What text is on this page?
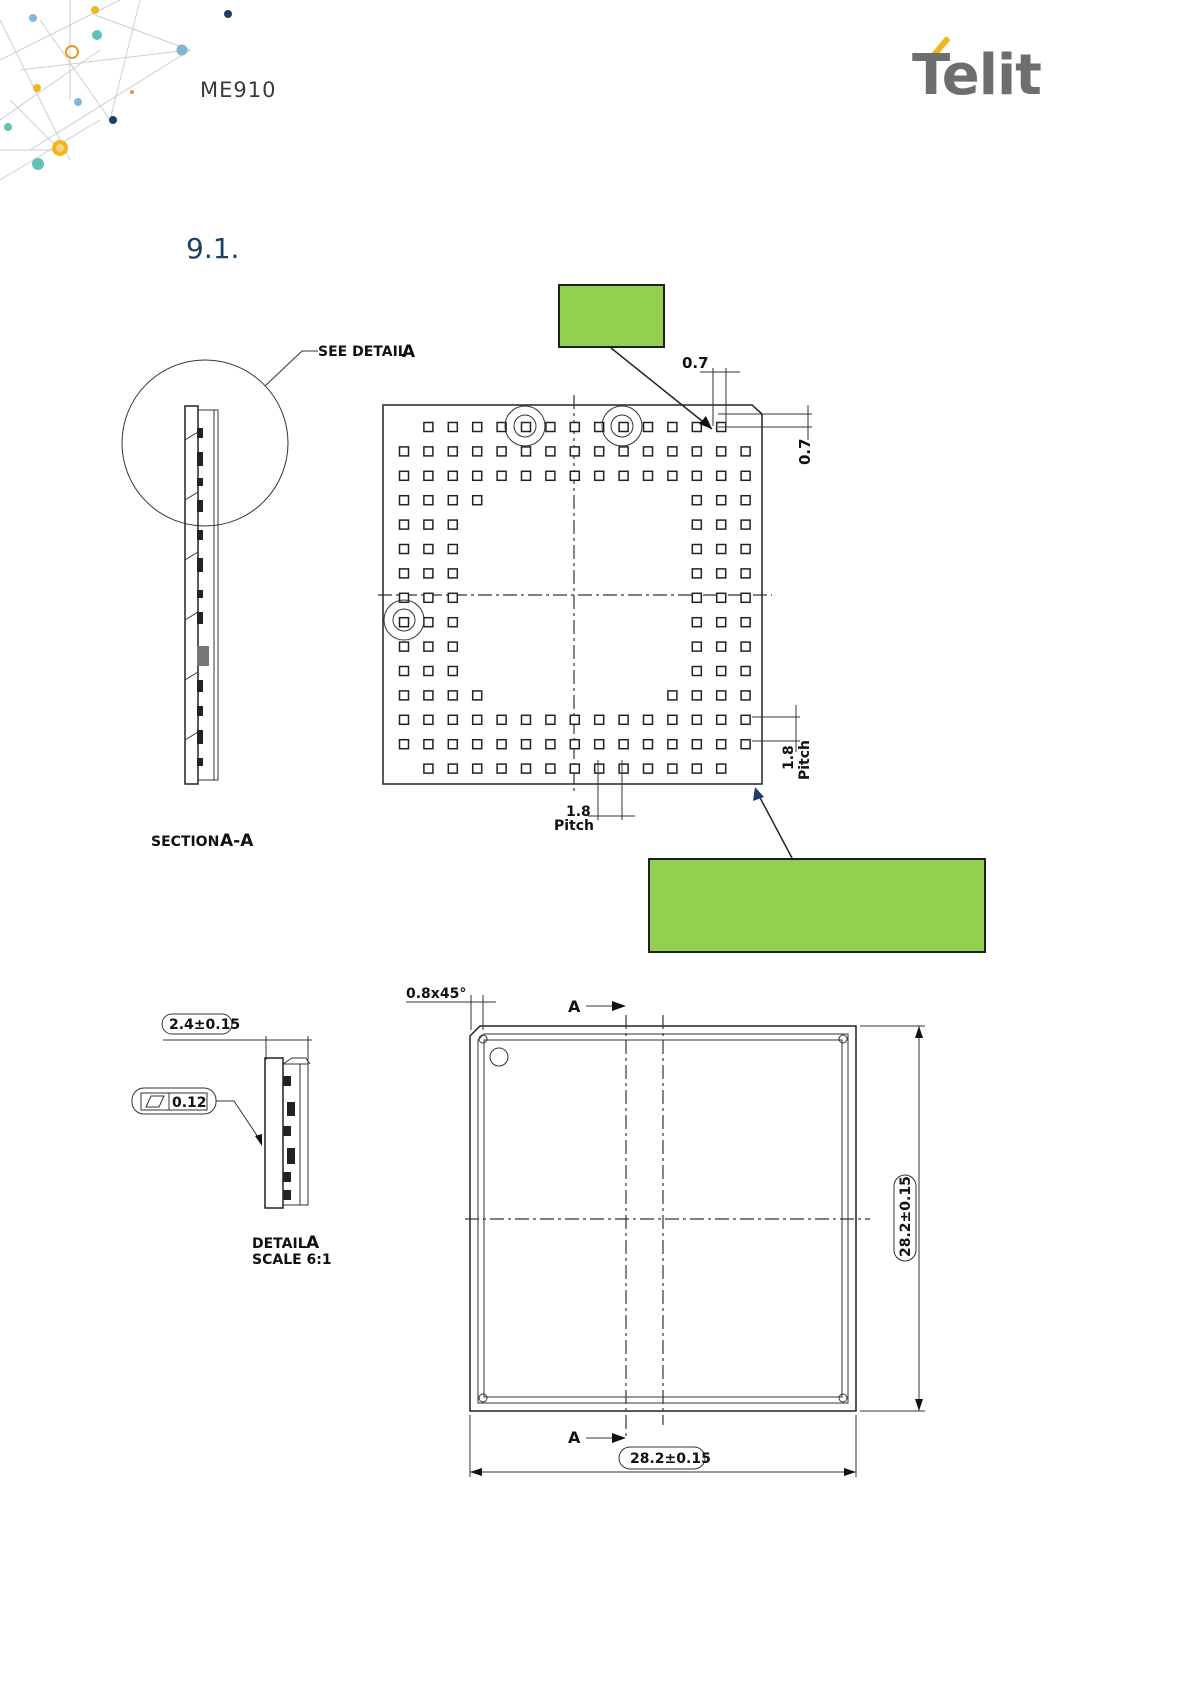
ME910	Telit
9.1.
SEE DETAIL
A
SECTION A-A
0.7
0.7
1.8 Pitch
1.8
Pitch
2.4±0.15
0.12
DETAIL A
SCALE 6:1
0.8x45°
A
A
28.2±0.15
28.2±0.15
